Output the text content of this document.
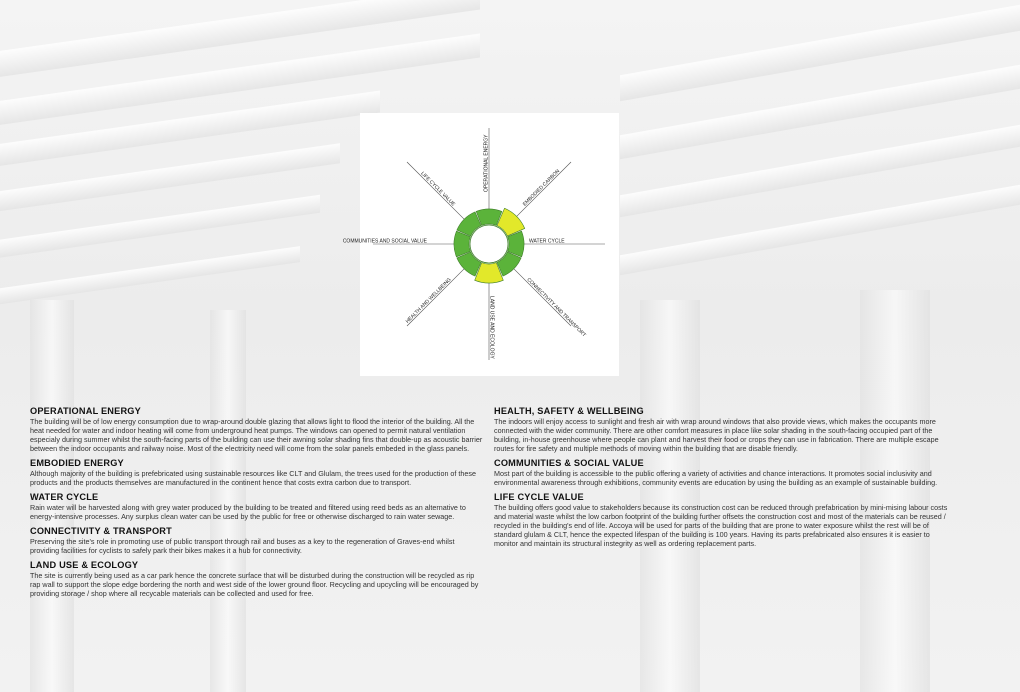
OPERATIONAL ENERGY	EMBODIED CARBON
WATER CYCLE
CONNECTIVITY AND TRANSPORT
LAND USE AND ECOLOGY
HEALTH AND WELLBEING
COMMUNITIES AND SOCIAL VALUE
LIFE CYCLE VALUE
OPERATIONAL ENERGY

The building will be of low energy consumption due to wrap-around double glazing that allows light to flood the interior of the building. All the heat needed for water and indoor heating will come from underground heat pumps. The windows can opened to permit natural ventilation especialy during summer whilst the south-facing parts of the building can use their awning solar shading fins that double-up as acoustic barrier between the indoor occupants and railway noise. Most of the electricity need will come from the solar panels embeded in the glass panels.

EMBODIED ENERGY

Although majority of the building is prefebricated using sustainable resources like CLT and Glulam, the trees used for the production of these products and the products themselves are manufactured in the continent hence that costs extra carbon due to transport.

WATER CYCLE

Rain water will be harvested along with grey water produced by the building to be treated and filtered using reed beds as an alternative to energy-intensive processes. Any surplus clean water can be used by the public for free or otherwise discharged to rain water sewage.

CONNECTIVITY & TRANSPORT

Preserving the site's role in promoting use of public transport through rail and buses as a key to the regeneration of Graves-end whilst providing facilities for cyclists to safely park their bikes makes it a hub for connectivity.

LAND USE & ECOLOGY

The site is currently being used as a car park hence the concrete surface that will be disturbed during the construction will be recycled as rip rap wall to support the slope edge bordering the north and west side of the lower ground floor. Recycling and upcycling will be encouraged by providing storage / shop where all recycable materials can be collected and used for free.

HEALTH, SAFETY & WELLBEING

The indoors will enjoy access to sunlight and fresh air with wrap around windows that also provide views, which makes the occupants more connected with the wider community. There are other comfort measures in place like solar shading in the south-facing occupied part of the building, in-house greenhouse where people can plant and harvest their food or crops they can use in fabrication. There are multiple escape routes for fire safety and multiple methods of moving within the building that are disable friendly.

COMMUNITIES & SOCIAL VALUE

Most part of the building is accessible to the public offering a variety of activities and chance interactions. It promotes social inclusivity and environmental awareness through exhibitions, community events are education by using the building as an example of sustainable building.

LIFE CYCLE VALUE

The building offers good value to stakeholders because its construction cost can be reduced through prefabrication by mini-mising labour costs and material waste whilst the low carbon footprint of the building further offsets the construction cost and most of the materials can be reused / recycled in the building's end of life. Accoya will be used for parts of the building that are prone to water exposure whilst the rest will be of standard glulam & CLT, hence the expected lifespan of the building is 100 years. Having its parts prefabricated also ensures it is easier to monitor and maintain its structural instegrity as well as ordering replacement parts.
